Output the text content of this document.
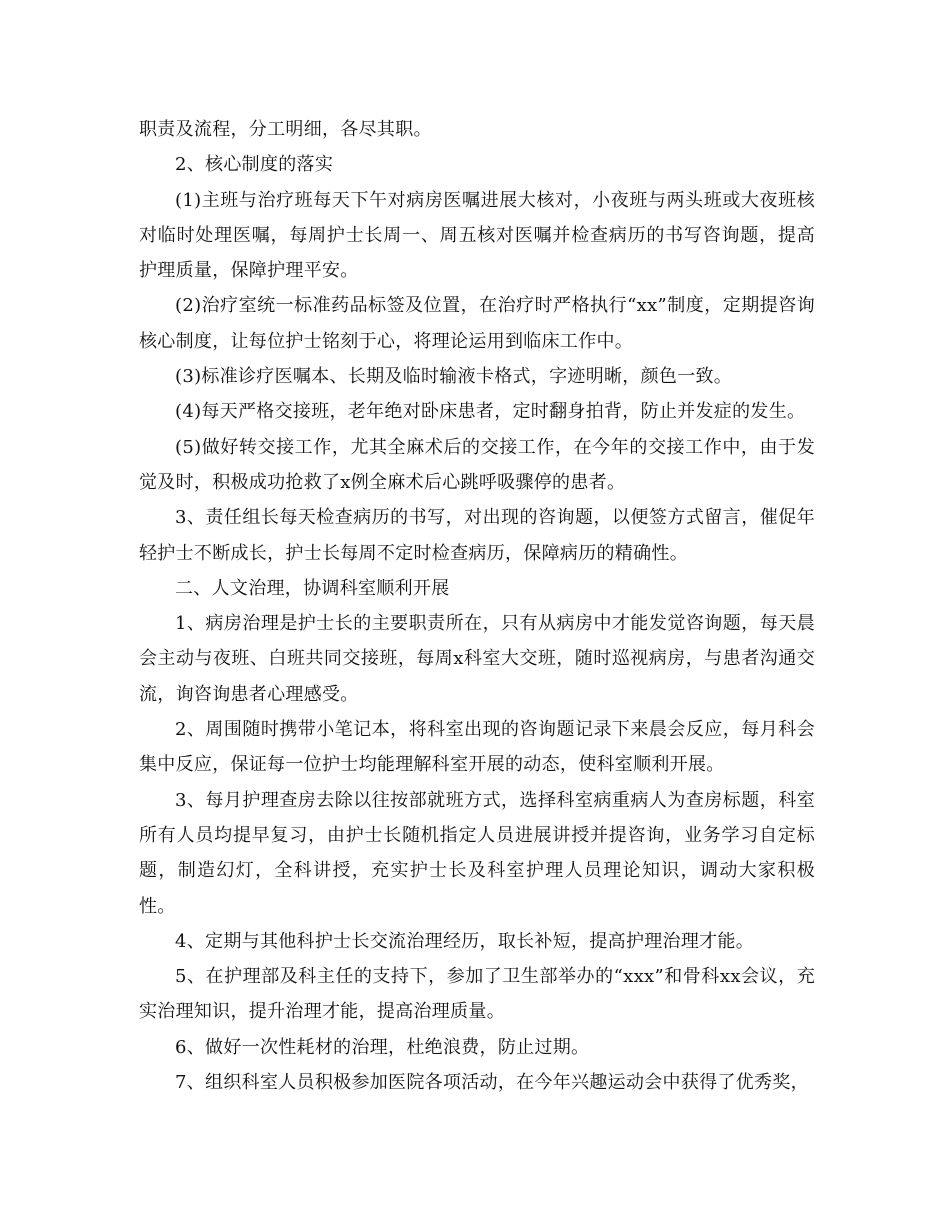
职责及流程，分工明细，各尽其职。

2、核心制度的落实

(1)主班与治疗班每天下午对病房医嘱进展大核对，小夜班与两头班或大夜班核对临时处理医嘱，每周护士长周一、周五核对医嘱并检查病历的书写咨询题，提高护理质量，保障护理平安。

(2)治疗室统一标准药品标签及位置，在治疗时严格执行“xx”制度，定期提咨询核心制度，让每位护士铭刻于心，将理论运用到临床工作中。

(3)标准诊疗医嘱本、长期及临时输液卡格式，字迹明晰，颜色一致。

(4)每天严格交接班，老年绝对卧床患者，定时翻身拍背，防止并发症的发生。

(5)做好转交接工作，尤其全麻术后的交接工作，在今年的交接工作中，由于发觉及时，积极成功抢救了x例全麻术后心跳呼吸骤停的患者。

3、责任组长每天检查病历的书写，对出现的咨询题，以便签方式留言，催促年轻护士不断成长，护士长每周不定时检查病历，保障病历的精确性。

二、人文治理，协调科室顺利开展

1、病房治理是护士长的主要职责所在，只有从病房中才能发觉咨询题，每天晨会主动与夜班、白班共同交接班，每周x科室大交班，随时巡视病房，与患者沟通交流，询咨询患者心理感受。

2、周围随时携带小笔记本，将科室出现的咨询题记录下来晨会反应，每月科会集中反应，保证每一位护士均能理解科室开展的动态，使科室顺利开展。

3、每月护理查房去除以往按部就班方式，选择科室病重病人为查房标题，科室所有人员均提早复习，由护士长随机指定人员进展讲授并提咨询，业务学习自定标题，制造幻灯，全科讲授，充实护士长及科室护理人员理论知识，调动大家积极性。

4、定期与其他科护士长交流治理经历，取长补短，提高护理治理才能。

5、在护理部及科主任的支持下，参加了卫生部举办的“xxx”和骨科xx会议，充实治理知识，提升治理才能，提高治理质量。

6、做好一次性耗材的治理，杜绝浪费，防止过期。

7、组织科室人员积极参加医院各项活动，在今年兴趣运动会中获得了优秀奖，
